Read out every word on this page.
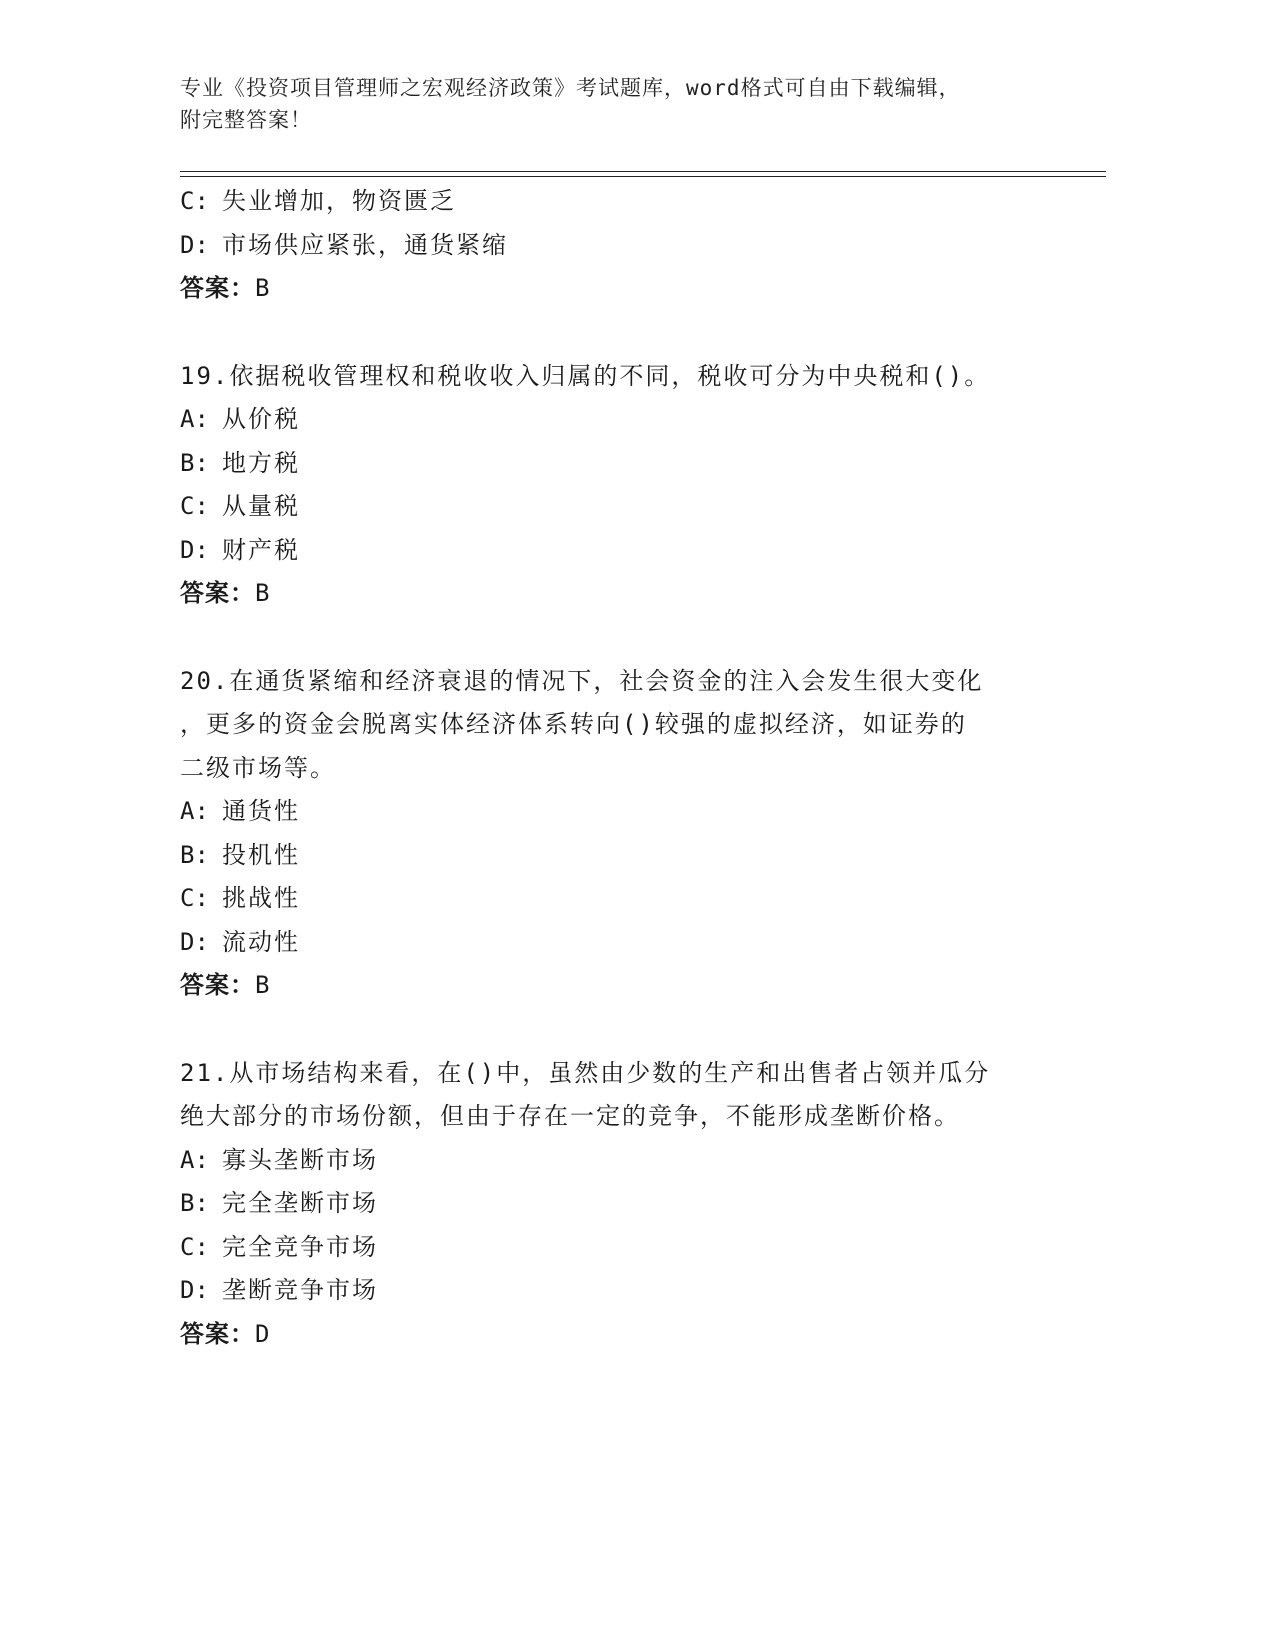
专业《投资项目管理师之宏观经济政策》考试题库，word格式可自由下载编辑，
附完整答案！
C: 失业增加，物资匮乏
D: 市场供应紧张，通货紧缩
答案：B
19.依据税收管理权和税收收入归属的不同，税收可分为中央税和()。
A: 从价税
B: 地方税
C: 从量税
D: 财产税
答案：B
20.在通货紧缩和经济衰退的情况下，社会资金的注入会发生很大变化
，更多的资金会脱离实体经济体系转向()较强的虚拟经济，如证券的
二级市场等。
A: 通货性
B: 投机性
C: 挑战性
D: 流动性
答案：B
21.从市场结构来看，在()中，虽然由少数的生产和出售者占领并瓜分
绝大部分的市场份额，但由于存在一定的竞争，不能形成垄断价格。
A: 寡头垄断市场
B: 完全垄断市场
C: 完全竞争市场
D: 垄断竞争市场
答案：D
